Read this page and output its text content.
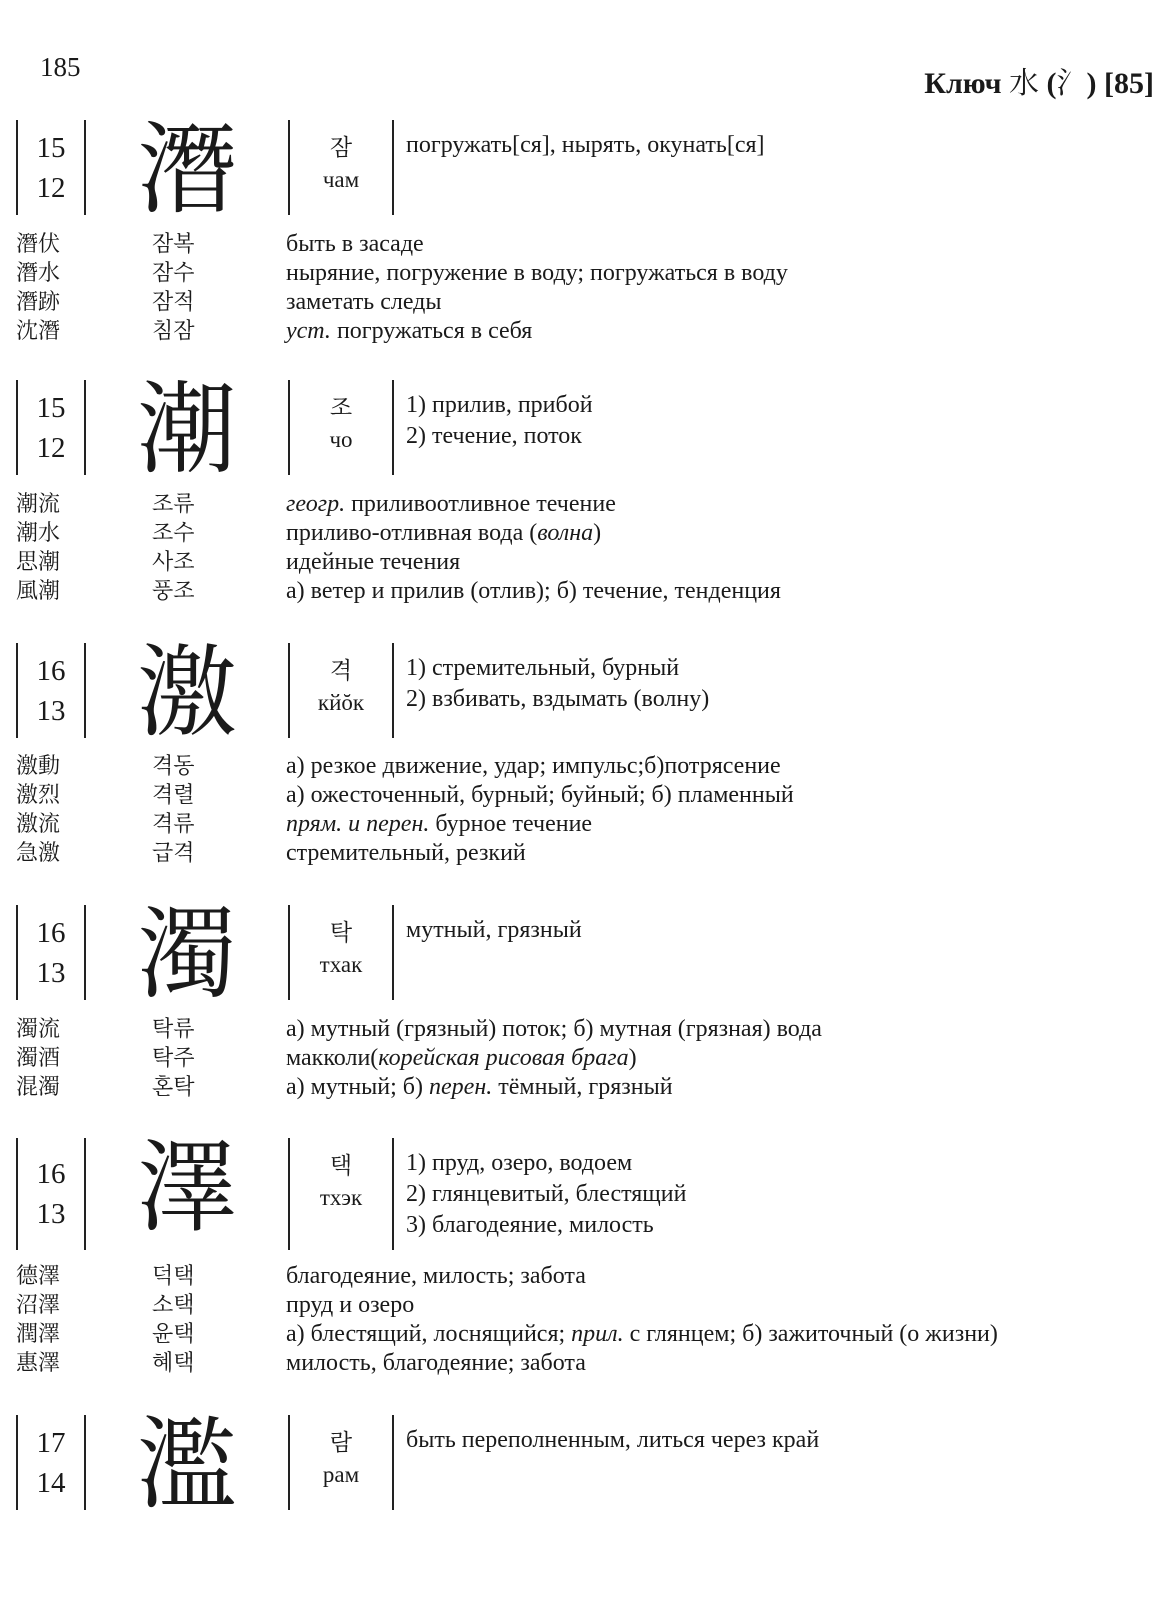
185	Ключ 水 (氵) [85]
15
12 潛	잠
чам
погружать[ся], нырять, окунать[ся]
潛伏	잠복	быть в засаде
潛水	잠수	ныряние, погружение в воду; погружаться в воду
潛跡	잠적	заметать следы
沈潛	침잠	уст. погружаться в себя
15
12 潮	조
чо
1) прилив, прибой
2) течение, поток
潮流	조류	геогр. приливоотливное течение
潮水	조수	приливо-отливная вода (волна)
思潮	사조	идейные течения
風潮	풍조	а) ветер и прилив (отлив); б) течение, тенденция
16
13 激	격
кйŏк
1) стремительный, бурный
2) взбивать, вздымать (волну)
激動	격동	а) резкое движение, удар; импульс;б)потрясение
激烈	격렬	а) ожесточенный, бурный; буйный; б) пламенный
激流	격류	прям. и перен. бурное течение
急激	급격	стремительный, резкий
16
13 濁	탁
тхак
мутный, грязный
濁流	탁류	а) мутный (грязный) поток; б) мутная (грязная) вода
濁酒	탁주	макколи(корейская рисовая брага)
混濁	혼탁	а) мутный; б) перен. тёмный, грязный
16
13 澤	택
тхэк
1) пруд, озеро, водоем
2) глянцевитый, блестящий
3) благодеяние, милость
德澤	덕택	благодеяние, милость; забота
沼澤	소택	пруд и озеро
潤澤	윤택	а) блестящий, лоснящийся; прил. с глянцем; б) зажиточный (о жизни)
惠澤	혜택	милость, благодеяние; забота
17
14 濫	람
рам
быть переполненным, литься через край
